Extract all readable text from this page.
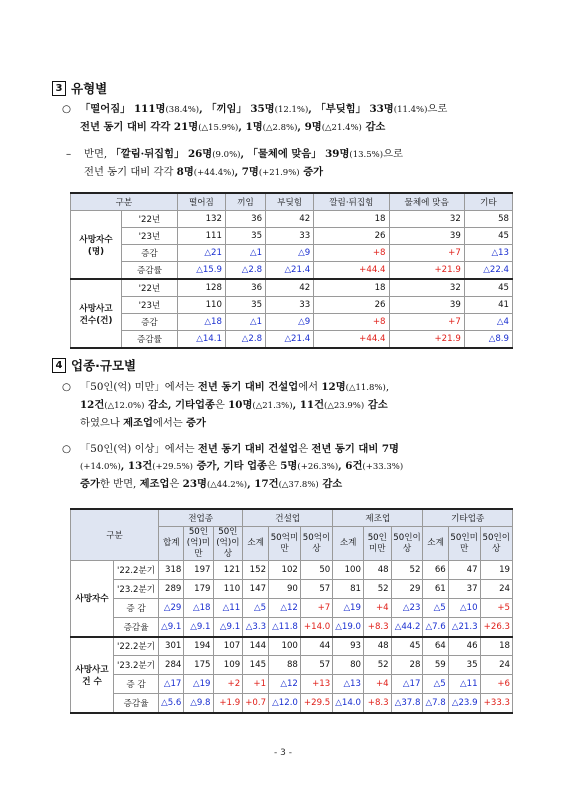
3 유형별
○ 「떨어짐」 111명(38.4%), 「끼임」 35명(12.1%), 「부딪힘」 33명(11.4%)으로
전년 동기 대비 각각 21명(△15.9%), 1명(△2.8%), 9명(△21.4%) 감소
– 반면, 「깔림·뒤집힘」 26명(9.0%), 「물체에 맞음」 39명(13.5%)으로
전년 동기 대비 각각 8명(+44.4%), 7명(+21.9%) 증가
구분		떨어짐	끼임	부딪힘	깔림·뒤집힘	물체에 맞음	기타

사망자수
(명)	'22년	132	36	42	18	32	58
	'23년	111	35	33	26	39	45
	증감	△21	△1	△9	+8	+7	△13
	증감률	△15.9	△2.8	△21.4	+44.4	+21.9	△22.4

사망사고
건수(건)	'22년	128	36	42	18	32	45
	'23년	110	35	33	26	39	41
	증감	△18	△1	△9	+8	+7	△4
	증감률	△14.1	△2.8	△21.4	+44.4	+21.9	△8.9
4 업종·규모별
○ 「50인(억) 미만」에서는 전년 동기 대비 건설업에서 12명(△11.8%),
12건(△12.0%) 감소, 기타업종은 10명(△21.3%), 11건(△23.9%) 감소
하였으나 제조업에서는 증가
○ 「50인(억) 이상」에서는 전년 동기 대비 건설업은 전년 동기 대비 7명
(+14.0%), 13건(+29.5%) 증가, 기타 업종은 5명(+26.3%), 6건(+33.3%)
증가한 반면, 제조업은 23명(△44.2%), 17건(△37.8%) 감소
구분		전업종			건설업			제조업			기타업종		
		합계	50인(억)미만	50인(억)이상	소계	50억미만	50억이상	소계	50인미만	50인이상	소계	50인미만	50인이상

사망자수	'22.2분기	318	197	121	152	102	50	100	48	52	66	47	19
	'23.2분기	289	179	110	147	90	57	81	52	29	61	37	24
	증 감	△29	△18	△11	△5	△12	+7	△19	+4	△23	△5	△10	+5
	증감율	△9.1	△9.1	△9.1	△3.3	△11.8	+14.0	△19.0	+8.3	△44.2	△7.6	△21.3	+26.3

사망사고
건 수	'22.2분기	301	194	107	144	100	44	93	48	45	64	46	18
	'23.2분기	284	175	109	145	88	57	80	52	28	59	35	24
	증 감	△17	△19	+2	+1	△12	+13	△13	+4	△17	△5	△11	+6
	증감율	△5.6	△9.8	+1.9	+0.7	△12.0	+29.5	△14.0	+8.3	△37.8	△7.8	△23.9	+33.3
- 3 -
